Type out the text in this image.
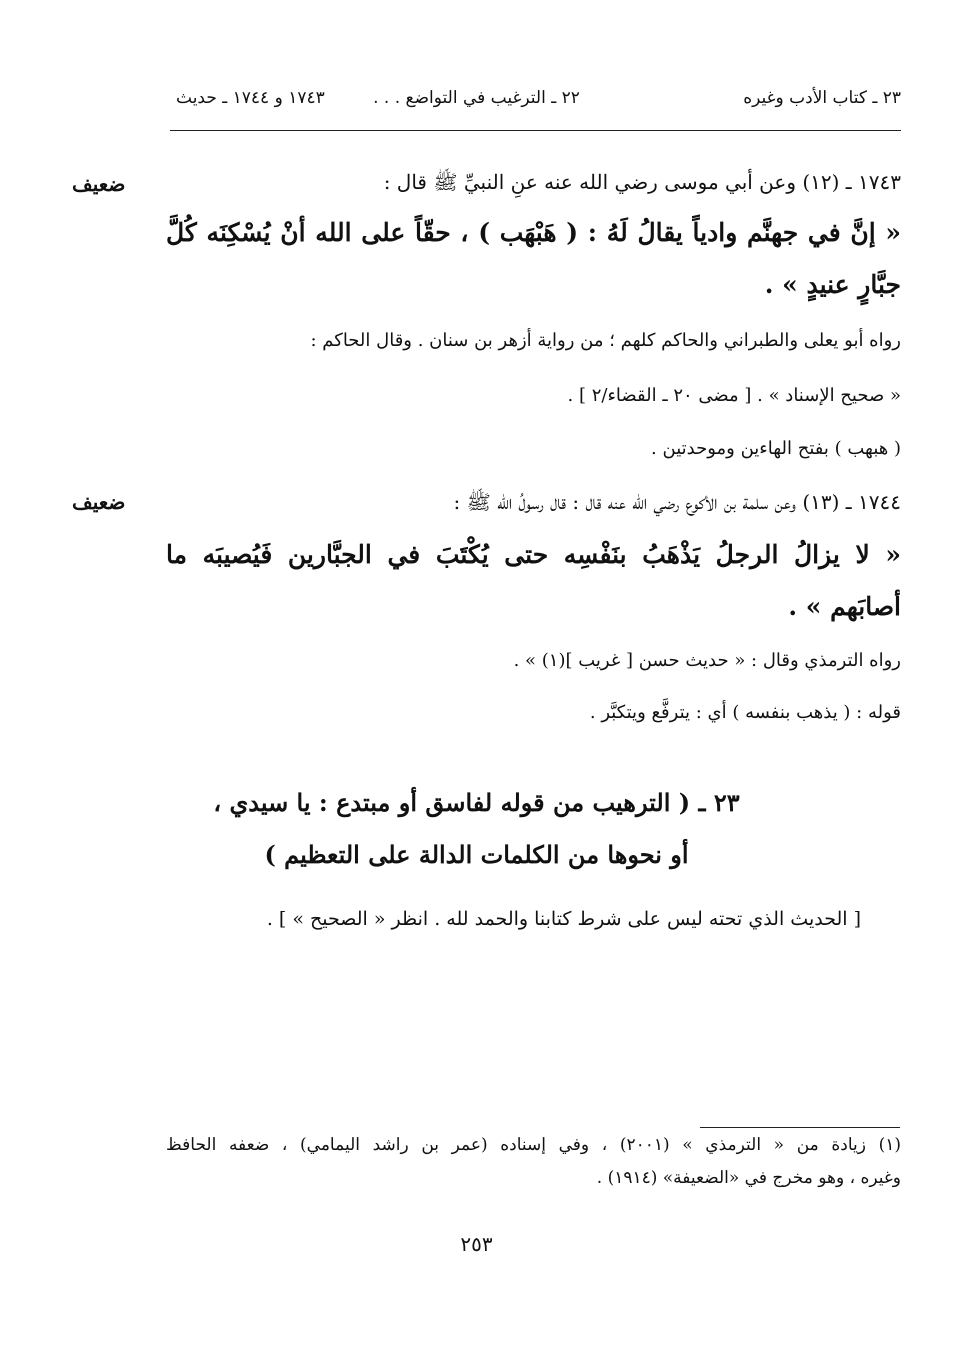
٢٣ ـ كتاب الأدب وغيره
٢٢ ـ الترغيب في التواضع . . .
١٧٤٣ و ١٧٤٤ ـ حديث
ضعيف	١٧٤٣ ـ (١٢) وعن أبي موسى رضي الله عنه عنِ النبيِّ ﷺ قال :
« إنَّ في جهنَّم وادياً يقالُ لَهُ : ( هَبْهَب ) ، حقّاً على الله أنْ يُسْكِنَه كُلَّ
جبَّارٍ عنيدٍ » .
رواه أبو يعلى والطبراني والحاكم كلهم ؛ من رواية أزهر بن سنان . وقال الحاكم :
« صحيح الإسناد » . [ مضى ٢٠ ـ القضاء/٢ ] .
( هبهب ) بفتح الهاءين وموحدتين .
ضعيف	١٧٤٤ ـ (١٣) وعن سلمة بن الأكوع رضي الله عنه قال : قال رسولُ الله ﷺ :
« لا يزالُ الرجلُ يَذْهَبُ بنَفْسِه حتى يُكْتَبَ في الجبَّارين فَيُصيبَه ما
أصابَهم » .
رواه الترمذي وقال : « حديث حسن [ غريب ](١) » .
قوله : ( يذهب بنفسه ) أي : يترفَّع ويتكبَّر .
٢٣ ـ ( الترهيب من قوله لفاسق أو مبتدع : يا سيدي ،
أو نحوها من الكلمات الدالة على التعظيم )
[ الحديث الذي تحته ليس على شرط كتابنا والحمد لله . انظر « الصحيح » ] .
(١) زيادة من « الترمذي » (٢٠٠١) ، وفي إسناده (عمر بن راشد اليمامي) ، ضعفه الحافظ
وغيره ، وهو مخرج في «الضعيفة» (١٩١٤) .
٢٥٣
